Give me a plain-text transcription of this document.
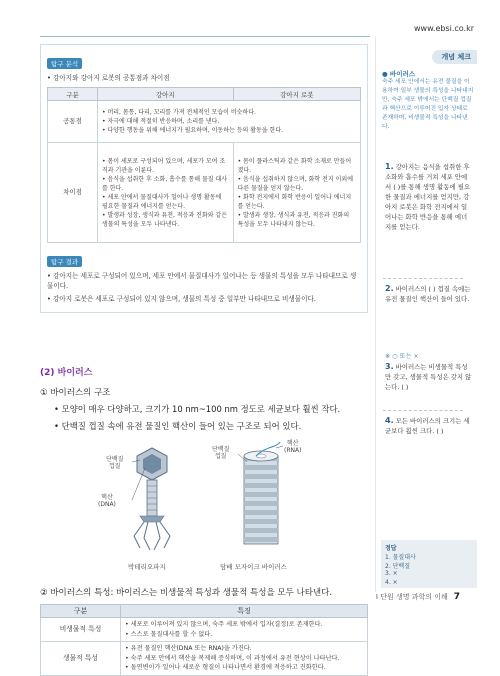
www.ebsi.co.kr
탐구 분석
• 강아지와 강아지 로봇의 공통점과 차이점
구분	강아지	강아지 로봇
공통점	• 머리, 몸통, 다리, 꼬리를 가져 전체적인 모습이 비슷하다.
• 자극에 대해 적절히 반응하며, 소리를 낸다.
• 다양한 행동을 위해 에너지가 필요하며, 이동하는 등의 활동을 한다.

차이점	• 몸이 세포로 구성되어 있으며, 세포가 모여 조직과 기관을 이룬다.
• 음식을 섭취한 후 소화, 흡수를 통해 물질 대사를 한다.
• 세포 안에서 물질대사가 일어나 생명 활동에 필요한 물질과 에너지를 얻는다.
• 발생과 성장, 생식과 유전, 적응과 진화와 같은 생물의 특성을 모두 나타낸다.	• 몸이 플라스틱과 같은 화학 소재로 만들어 졌다.
• 음식을 섭취하지 않으며, 화학 전지 이외에 다른 물질을 얻지 않는다.
• 화학 전지에서 화학 반응이 일어나 에너지를 얻는다.
• 발생과 생장, 생식과 유전, 적응과 진화의 특성을 모두 나타내지 않는다.
탐구 결과
• 강아지는 세포로 구성되어 있으며, 세포 안에서 물질대사가 일어나는 등 생물의 특성을 모두 나타내므로 생물이다.
• 강아지 로봇은 세포로 구성되어 있지 않으며, 생물의 특성 중 일부만 나타내므로 비생물이다.
(2) 바이러스
① 바이러스의 구조
• 모양이 매우 다양하고, 크기가 10 nm~100 nm 정도로 세균보다 훨씬 작다.
• 단백질 껍질 속에 유전 물질인 핵산이 들어 있는 구조로 되어 있다.
단백질
껍질
핵산
(DNA)
박테리오파지
단백질
껍질
핵산
(RNA)
담배 모자이크 바이러스
② 바이러스의 특성: 바이러스는 비생물적 특성과 생물적 특성을 모두 나타낸다.
구분	특징
비생물적 특성	• 세포로 이루어져 있지 않으며, 숙주 세포 밖에서 입자(결정)로 존재한다.
• 스스로 물질대사를 할 수 없다.

생물적 특성	• 유전 물질인 핵산(DNA 또는 RNA)을 가진다.
• 숙주 세포 안에서 핵산을 복제해 증식하며, 이 과정에서 유전 현상이 나타난다.
• 돌연변이가 일어나 새로운 형질이 나타나면서 환경에 적응하고 진화한다.
개념 체크
● 바이러스
숙주 세포 안에서는 유전 물질을 이용하여 일부 생물의 특성을 나타내지만, 숙주 세포 밖에서는 단백질 껍질과 핵산으로 이루어진 입자 상태로 존재하며, 비생물적 특성을 나타낸다.
1. 강아지는 음식을 섭취한 후 소화와 흡수를 거쳐 세포 안에서 ( )를 통해 생명 활동에 필요한 물질과 에너지를 얻지만, 강아지 로봇은 화학 전지에서 일어나는 화학 반응을 통해 에너지를 얻는다.
2. 바이러스의 ( ) 껍질 속에는 유전 물질인 핵산이 들어 있다.
※ ○ 또는 ×
3. 바이러스는 비생물적 특성만 갖고, 생물적 특성은 갖지 않는다. ( )
4. 모든 바이러스의 크기는 세균보다 훨씬 크다. ( )
정답
1. 물질대사
2. 단백질
3. ×
4. ×
I 단원 생명 과학의 이해 7
